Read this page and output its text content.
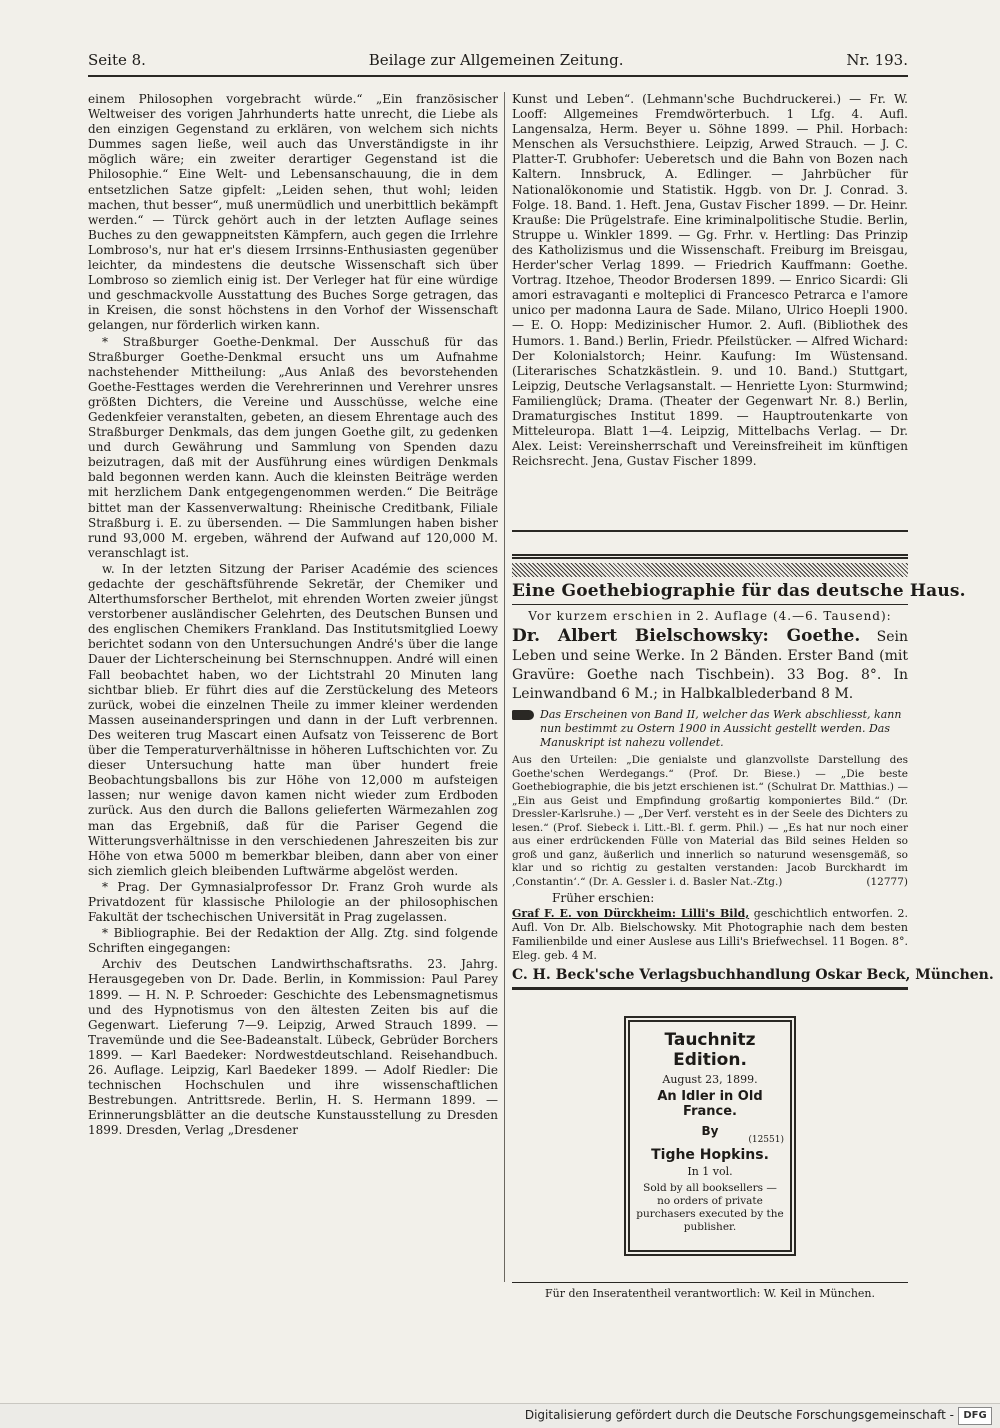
Seite 8.	Beilage zur Allgemeinen Zeitung.	Nr. 193.

einem Philosophen vorgebracht würde.“ „Ein französischer Weltweiser des vorigen Jahrhunderts hatte unrecht, die Liebe als den einzigen Gegenstand zu erklären, von welchem sich nichts Dummes sagen ließe, weil auch das Unverständigste in ihr möglich wäre; ein zweiter derartiger Gegenstand ist die Philosophie.“ Eine Welt- und Lebensanschauung, die in dem entsetzlichen Satze gipfelt: „Leiden sehen, thut wohl; leiden machen, thut besser“, muß unermüdlich und unerbittlich bekämpft werden.“ — Türck gehört auch in der letzten Auflage seines Buches zu den gewappneitsten Kämpfern, auch gegen die Irrlehre Lombroso's, nur hat er's diesem Irrsinns-Enthusiasten gegenüber leichter, da mindestens die deutsche Wissenschaft sich über Lombroso so ziemlich einig ist. Der Verleger hat für eine würdige und geschmackvolle Ausstattung des Buches Sorge getragen, das in Kreisen, die sonst höchstens in den Vorhof der Wissenschaft gelangen, nur förderlich wirken kann.

* Straßburger Goethe-Denkmal. Der Ausschuß für das Straßburger Goethe-Denkmal ersucht uns um Aufnahme nachstehender Mittheilung: „Aus Anlaß des bevorstehenden Goethe-Festtages werden die Verehrerinnen und Verehrer unsres größten Dichters, die Vereine und Ausschüsse, welche eine Gedenkfeier veranstalten, gebeten, an diesem Ehrentage auch des Straßburger Denkmals, das dem jungen Goethe gilt, zu gedenken und durch Gewährung und Sammlung von Spenden dazu beizutragen, daß mit der Ausführung eines würdigen Denkmals bald begonnen werden kann. Auch die kleinsten Beiträge werden mit herzlichem Dank entgegengenommen werden.“ Die Beiträge bittet man der Kassenverwaltung: Rheinische Creditbank, Filiale Straßburg i. E. zu übersenden. — Die Sammlungen haben bisher rund 93,000 M. ergeben, während der Aufwand auf 120,000 M. veranschlagt ist.

w. In der letzten Sitzung der Pariser Académie des sciences gedachte der geschäftsführende Sekretär, der Chemiker und Alterthumsforscher Berthelot, mit ehrenden Worten zweier jüngst verstorbener ausländischer Gelehrten, des Deutschen Bunsen und des englischen Chemikers Frankland. Das Institutsmitglied Loewy berichtet sodann von den Untersuchungen André's über die lange Dauer der Lichterscheinung bei Sternschnuppen. André will einen Fall beobachtet haben, wo der Lichtstrahl 20 Minuten lang sichtbar blieb. Er führt dies auf die Zerstückelung des Meteors zurück, wobei die einzelnen Theile zu immer kleiner werdenden Massen auseinanderspringen und dann in der Luft verbrennen. Des weiteren trug Mascart einen Aufsatz von Teisserenc de Bort über die Temperaturverhältnisse in höheren Luftschichten vor. Zu dieser Untersuchung hatte man über hundert freie Beobachtungsballons bis zur Höhe von 12,000 m aufsteigen lassen; nur wenige davon kamen nicht wieder zum Erdboden zurück. Aus den durch die Ballons gelieferten Wärmezahlen zog man das Ergebniß, daß für die Pariser Gegend die Witterungsverhältnisse in den verschiedenen Jahreszeiten bis zur Höhe von etwa 5000 m bemerkbar bleiben, dann aber von einer sich ziemlich gleich bleibenden Luftwärme abgelöst werden.

* Prag. Der Gymnasialprofessor Dr. Franz Groh wurde als Privatdozent für klassische Philologie an der philosophischen Fakultät der tschechischen Universität in Prag zugelassen.

* Bibliographie. Bei der Redaktion der Allg. Ztg. sind folgende Schriften eingegangen:

Archiv des Deutschen Landwirthschaftsraths. 23. Jahrg. Herausgegeben von Dr. Dade. Berlin, in Kommission: Paul Parey 1899. — H. N. P. Schroeder: Geschichte des Lebensmagnetismus und des Hypnotismus von den ältesten Zeiten bis auf die Gegenwart. Lieferung 7—9. Leipzig, Arwed Strauch 1899. — Travemünde und die See-Badeanstalt. Lübeck, Gebrüder Borchers 1899. — Karl Baedeker: Nordwestdeutschland. Reisehandbuch. 26. Auflage. Leipzig, Karl Baedeker 1899. — Adolf Riedler: Die technischen Hochschulen und ihre wissenschaftlichen Bestrebungen. Antrittsrede. Berlin, H. S. Hermann 1899. — Erinnerungsblätter an die deutsche Kunstausstellung zu Dresden 1899. Dresden, Verlag „Dresdener

Kunst und Leben“. (Lehmann'sche Buchdruckerei.) — Fr. W. Looff: Allgemeines Fremdwörterbuch. 1 Lfg. 4. Aufl. Langensalza, Herm. Beyer u. Söhne 1899. — Phil. Horbach: Menschen als Versuchsthiere. Leipzig, Arwed Strauch. — J. C. Platter-T. Grubhofer: Ueberetsch und die Bahn von Bozen nach Kaltern. Innsbruck, A. Edlinger. — Jahrbücher für Nationalökonomie und Statistik. Hggb. von Dr. J. Conrad. 3. Folge. 18. Band. 1. Heft. Jena, Gustav Fischer 1899. — Dr. Heinr. Krauße: Die Prügelstrafe. Eine kriminalpolitische Studie. Berlin, Struppe u. Winkler 1899. — Gg. Frhr. v. Hertling: Das Prinzip des Katholizismus und die Wissenschaft. Freiburg im Breisgau, Herder'scher Verlag 1899. — Friedrich Kauffmann: Goethe. Vortrag. Itzehoe, Theodor Brodersen 1899. — Enrico Sicardi: Gli amori estravaganti e molteplici di Francesco Petrarca e l'amore unico per madonna Laura de Sade. Milano, Ulrico Hoepli 1900. — E. O. Hopp: Medizinischer Humor. 2. Aufl. (Bibliothek des Humors. 1. Band.) Berlin, Friedr. Pfeilstücker. — Alfred Wichard: Der Kolonialstorch; Heinr. Kaufung: Im Wüstensand. (Literarisches Schatzkästlein. 9. und 10. Band.) Stuttgart, Leipzig, Deutsche Verlagsanstalt. — Henriette Lyon: Sturmwind; Familienglück; Drama. (Theater der Gegenwart Nr. 8.) Berlin, Dramaturgisches Institut 1899. — Hauptroutenkarte von Mitteleuropa. Blatt 1—4. Leipzig, Mittelbachs Verlag. — Dr. Alex. Leist: Vereinsherrschaft und Vereinsfreiheit im künftigen Reichsrecht. Jena, Gustav Fischer 1899.
Eine Goethebiographie für das deutsche Haus.
Vor kurzem erschien in 2. Auflage (4.—6. Tausend):
Dr. Albert Bielschowsky: Goethe. Sein Leben und seine Werke. In 2 Bänden. Erster Band (mit Gravüre: Goethe nach Tischbein). 33 Bog. 8°. In Leinwandband 6 M.; in Halbkalblederband 8 M.
Das Erscheinen von Band II, welcher das Werk abschliesst, kann nun bestimmt zu Ostern 1900 in Aussicht gestellt werden. Das Manuskript ist nahezu vollendet.
Aus den Urteilen: „Die genialste und glanzvollste Darstellung des Goethe'schen Werdegangs.“ (Prof. Dr. Biese.) — „Die beste Goethebiographie, die bis jetzt erschienen ist.“ (Schulrat Dr. Matthias.) — „Ein aus Geist und Empfindung großartig komponiertes Bild.“ (Dr. Dressler-Karlsruhe.) — „Der Verf. versteht es in der Seele des Dichters zu lesen.“ (Prof. Siebeck i. Litt.-Bl. f. germ. Phil.) — „Es hat nur noch einer aus einer erdrückenden Fülle von Material das Bild seines Helden so groß und ganz, äußerlich und innerlich so naturund wesensgemäß, so klar und so richtig zu gestalten verstanden: Jacob Burckhardt im ‚Constantin‘.“ (Dr. A. Gessler i. d. Basler Nat.-Ztg.)	(12777)
Früher erschien:
Graf F. E. von Dürckheim: Lilli's Bild, geschichtlich entworfen. 2. Aufl. Von Dr. Alb. Bielschowsky. Mit Photographie nach dem besten Familienbilde und einer Auslese aus Lilli's Briefwechsel. 11 Bogen. 8°. Eleg. geb. 4 M.
C. H. Beck'sche Verlagsbuchhandlung Oskar Beck, München.
Tauchnitz Edition.
August 23, 1899.
An Idler in Old France.
By
(12551)
Tighe Hopkins.
In 1 vol.
Sold by all booksellers — no orders of private purchasers executed by the publisher.
Für den Inseratentheil verantwortlich: W. Keil in München.
Digitalisierung gefördert durch die Deutsche Forschungsgemeinschaft - DFG
